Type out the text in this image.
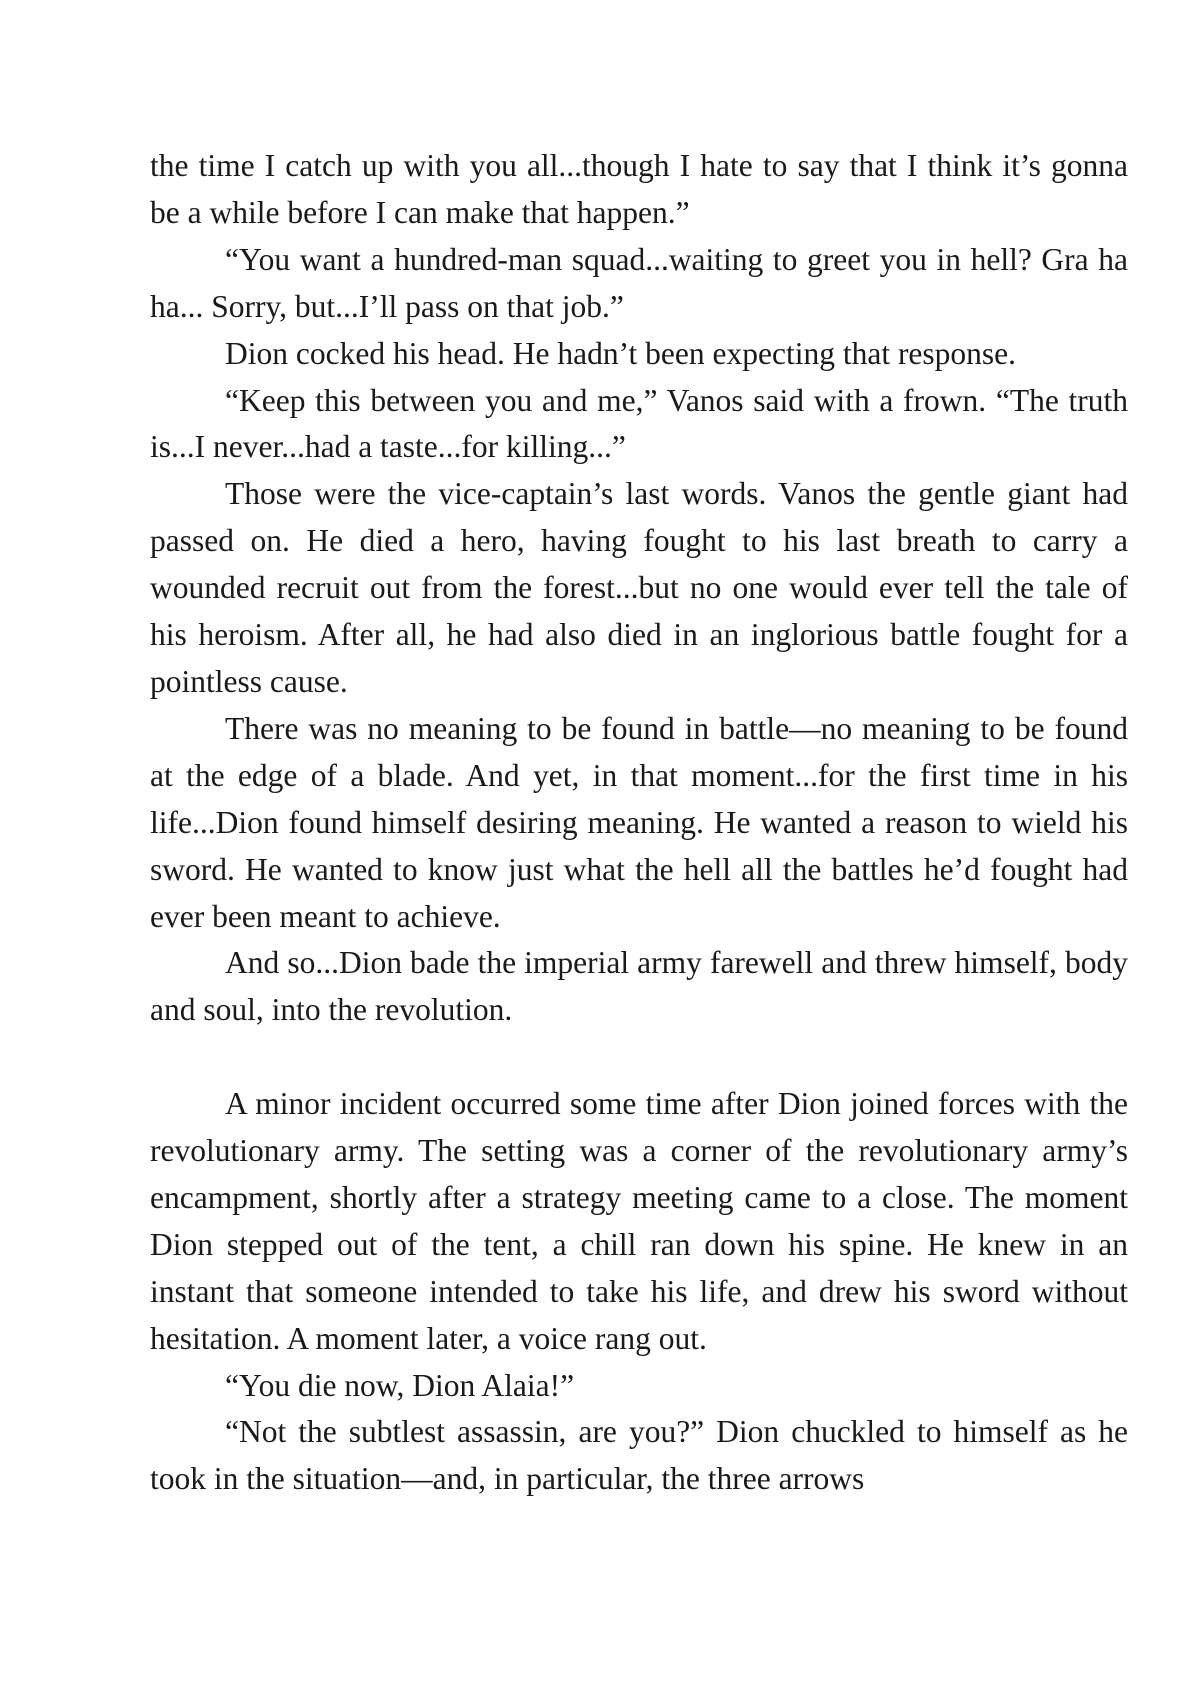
the time I catch up with you all...though I hate to say that I think it’s gonna be a while before I can make that happen.”

“You want a hundred-man squad...waiting to greet you in hell? Gra ha ha... Sorry, but...I’ll pass on that job.”

Dion cocked his head. He hadn’t been expecting that response.

“Keep this between you and me,” Vanos said with a frown. “The truth is...I never...had a taste...for killing...”

Those were the vice-captain’s last words. Vanos the gentle giant had passed on. He died a hero, having fought to his last breath to carry a wounded recruit out from the forest...but no one would ever tell the tale of his heroism. After all, he had also died in an inglorious battle fought for a pointless cause.

There was no meaning to be found in battle—no meaning to be found at the edge of a blade. And yet, in that moment...for the first time in his life...Dion found himself desiring meaning. He wanted a reason to wield his sword. He wanted to know just what the hell all the battles he’d fought had ever been meant to achieve.

And so...Dion bade the imperial army farewell and threw himself, body and soul, into the revolution.

A minor incident occurred some time after Dion joined forces with the revolutionary army. The setting was a corner of the revolutionary army’s encampment, shortly after a strategy meeting came to a close. The moment Dion stepped out of the tent, a chill ran down his spine. He knew in an instant that someone intended to take his life, and drew his sword without hesitation. A moment later, a voice rang out.

“You die now, Dion Alaia!”

“Not the subtlest assassin, are you?” Dion chuckled to himself as he took in the situation—and, in particular, the three arrows
